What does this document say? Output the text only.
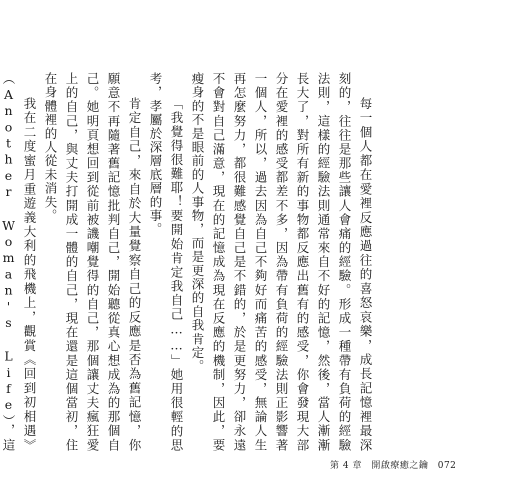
每一個人都在愛裡反應過往的喜怒哀樂，成長記憶裡最深刻的，往往是那些讓人會痛的經驗。形成一種帶有負荷的經驗法則，這樣的經驗法則通常來自不好的記憶，然後，當人漸漸長大了，對所有新的事物都反應出舊有的感受，你會發現大部分在愛裡的感受都差不多，因為帶有負荷的經驗法則正影響著一個人，所以，過去因為自己不夠好而痛苦的感受，無論人生再怎麼努力，都很難感覺自己是不錯的，於是更努力，卻永遠不會對自己滿意，現在的記憶成為現在反應的機制，因此，要瘦身的不是眼前的人事物，而是更深的自我肯定。

「我覺得很難耶！要開始肯定我自己……」她用很輕的思考，孝屬於深層底層的事。

肯定自己，來自於大量覺察自己的反應是否為舊記憶，你願意不再隨著舊記憶批判自己，開始聽從真心想成為的那個自己。她明頁想回到從前被譏嘲覺得的自己，那個讓丈夫瘋狂愛上的自己，與丈夫打開成一體的自己，現在還是這個當初，住在身體裡的人從未消失。

我在二度蜜月重遊義大利的飛機上，觀賞《回到初相遇》（Another Woman's Life），這

第 4 章 開啟療癒之鑰 072
